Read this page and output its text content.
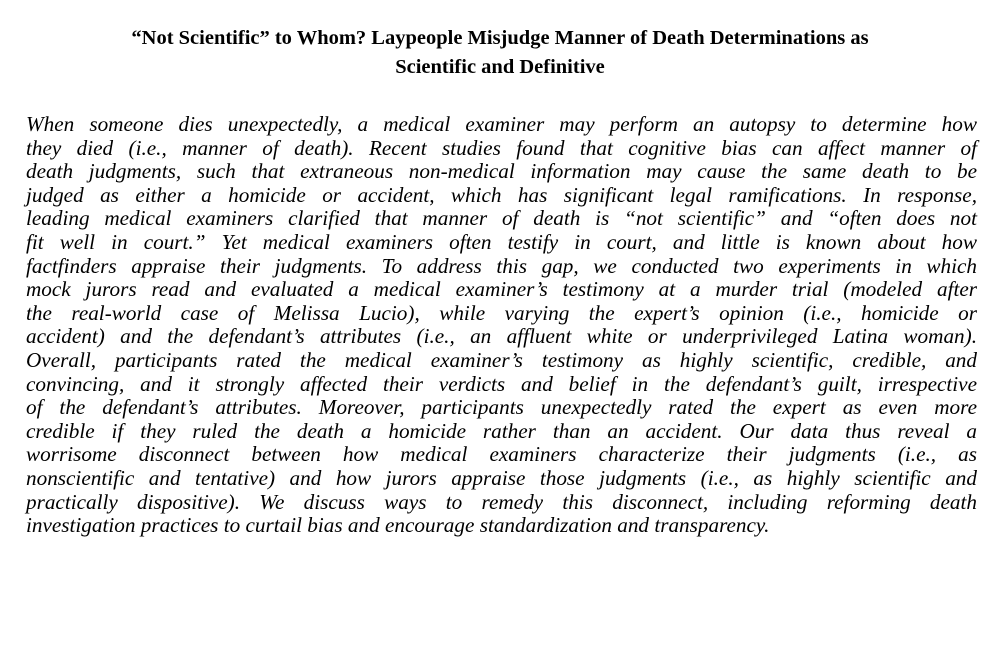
“Not Scientific” to Whom? Laypeople Misjudge Manner of Death Determinations as
Scientific and Definitive
When someone dies unexpectedly, a medical examiner may perform an autopsy to determine how
they died (i.e., manner of death). Recent studies found that cognitive bias can affect manner of
death judgments, such that extraneous non-medical information may cause the same death to be
judged as either a homicide or accident, which has significant legal ramifications. In response,
leading medical examiners clarified that manner of death is “not scientific” and “often does not
fit well in court.” Yet medical examiners often testify in court, and little is known about how
factfinders appraise their judgments. To address this gap, we conducted two experiments in which
mock jurors read and evaluated a medical examiner’s testimony at a murder trial (modeled after
the real-world case of Melissa Lucio), while varying the expert’s opinion (i.e., homicide or
accident) and the defendant’s attributes (i.e., an affluent white or underprivileged Latina woman).
Overall, participants rated the medical examiner’s testimony as highly scientific, credible, and
convincing, and it strongly affected their verdicts and belief in the defendant’s guilt, irrespective
of the defendant’s attributes. Moreover, participants unexpectedly rated the expert as even more
credible if they ruled the death a homicide rather than an accident. Our data thus reveal a
worrisome disconnect between how medical examiners characterize their judgments (i.e., as
nonscientific and tentative) and how jurors appraise those judgments (i.e., as highly scientific and
practically dispositive). We discuss ways to remedy this disconnect, including reforming death
investigation practices to curtail bias and encourage standardization and transparency.
